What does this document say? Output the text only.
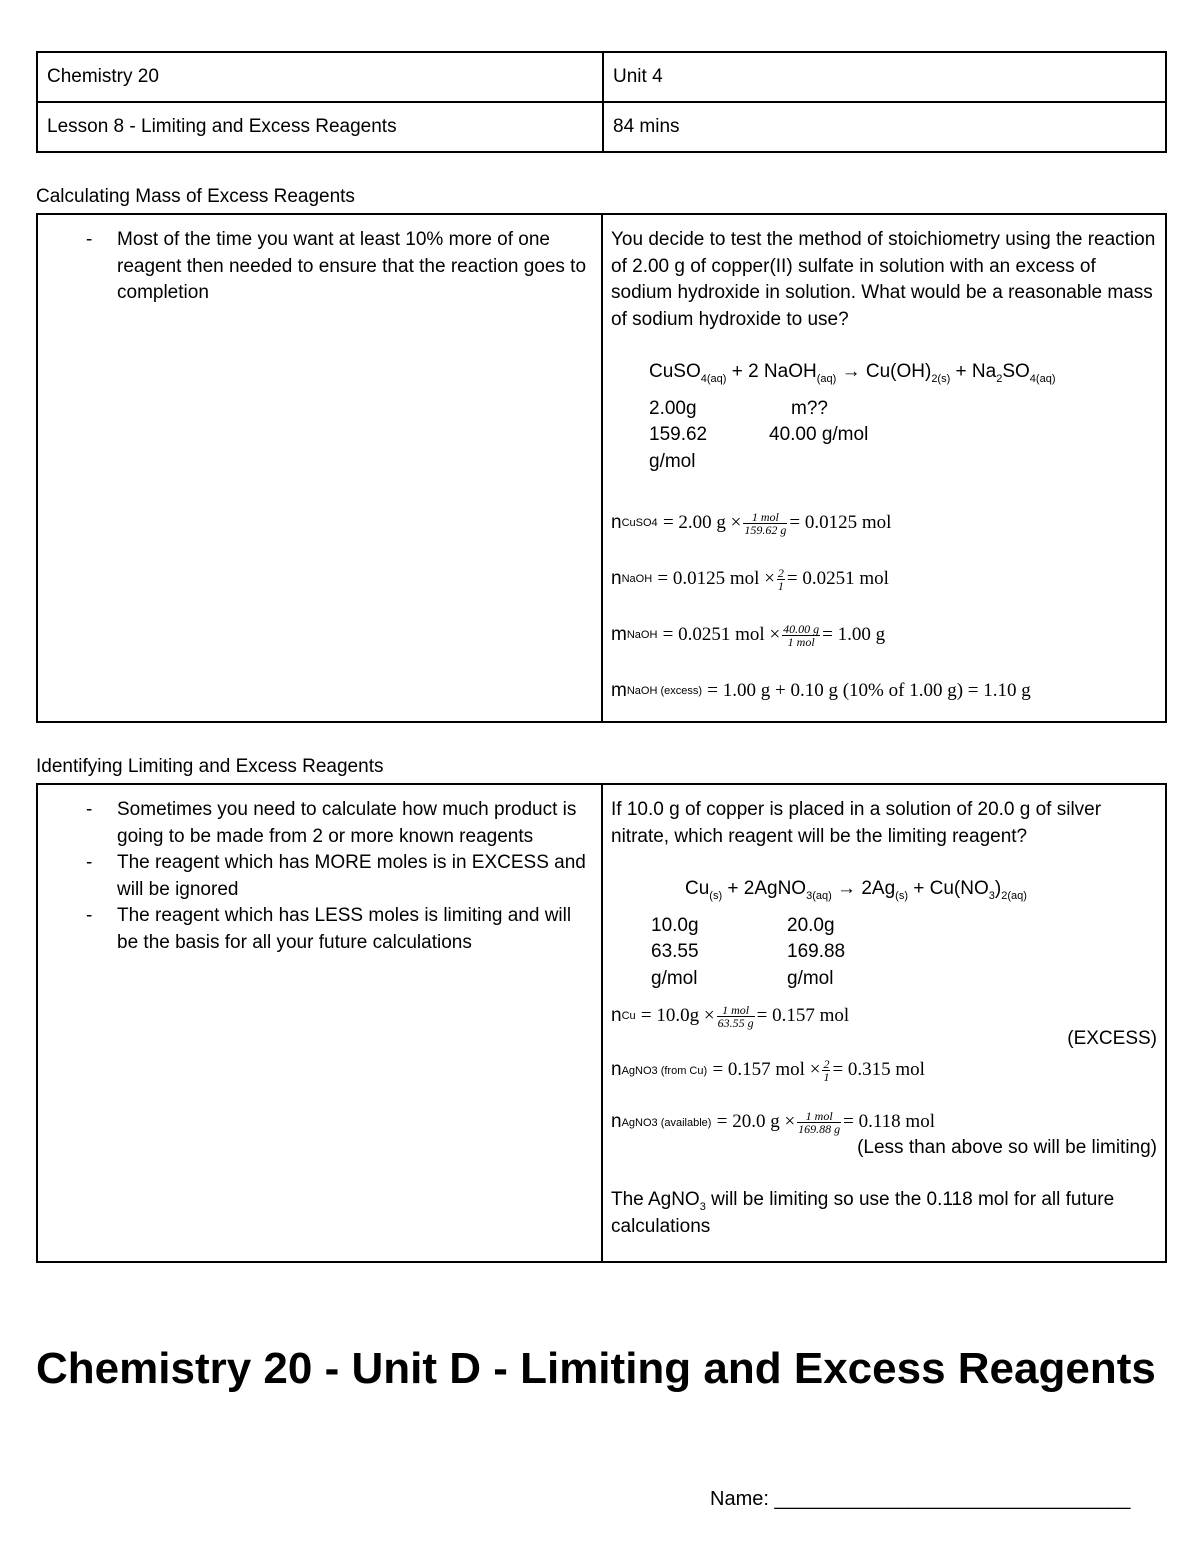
Chemistry 20	Unit 4
Lesson 8 - Limiting and Excess Reagents	84 mins
Calculating Mass of Excess Reagents
- Most of the time you want at least 10% more of one reagent then needed to ensure that the reaction goes to completion

You decide to test the method of stoichiometry using the reaction of 2.00 g of copper(II) sulfate in solution with an excess of sodium hydroxide in solution. What would be a reasonable mass of sodium hydroxide to use?
CuSO$_{4(aq)}$ + 2 NaOH$_{(aq)}$ → $Cu(OH)_{2(s)} + Na_2SO_{4(aq)}$
2.00g	m??
159.62	40.00 g/mol
g/mol
n CuSO4
= 2.00 $g \times \frac{\text{1 mol}}{159.62 g} = 0.0125$ mol
n NaOH
= 0.0125 mol × $\frac{2}{1} = 0.0251$ mol
m NaOH
= 0.0251 mol × $\frac{40.00 g}{\text{1 mol}} = 1.00$ g
m NaOH (excess)
= 1.00 g + 0.10 g (10% of 1.00 g) = 1.10 g
Identifying Limiting and Excess Reagents
- Sometimes you need to calculate how much product is going to be made from 2 or more known reagents
- The reagent which has MORE moles is in EXCESS and will be ignored
- The reagent which has LESS moles is limiting and will be the basis for all your future calculations

If 10.0 g of copper is placed in a solution of 20.0 g of silver nitrate, which reagent will be the limiting reagent?
$Cu_{(s)}$ + 2AgNO$_{3(aq)}$ → $2Ag_{(s)} + Cu(NO_3)_{2(aq)}$
10.0g	20.0g
63.55	169.88
g/mol	g/mol
n Cu
= $10.0g \times \frac{\text{1 mol}}{63.55 g} = 0.157$ mol
(EXCESS)
n AgNO3 (from Cu)
= 0.157 mol × $\frac{2}{1} = 0.315$ mol
n AgNO3 (available)
= 20.0 $g \times \frac{\text{1 mol}}{169.88 g} = 0.118$ mol
(Less than above so will be limiting)
The AgNO$_3$ will be limiting so use the 0.118 mol for all future calculations
Chemistry 20 - Unit D - Limiting and Excess Reagents
Name: ________________________________
